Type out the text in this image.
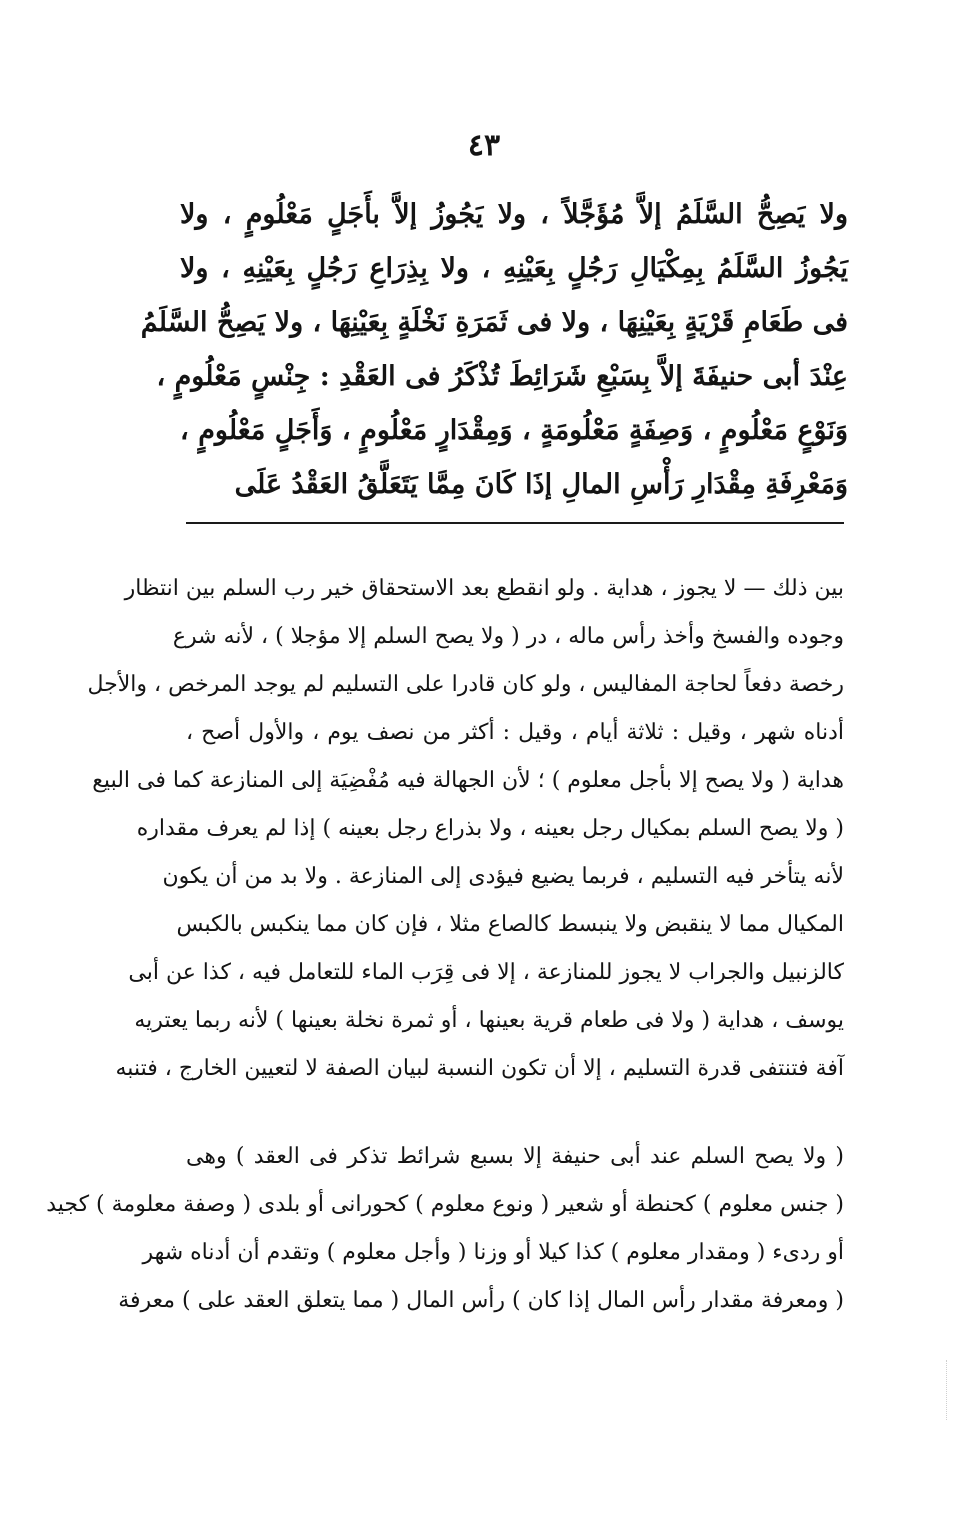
٤٣
ولا يَصِحُّ السَّلَمُ إلاَّ مُؤَجَّلاً ، ولا يَجُوزُ إلاَّ بأَجَلٍ مَعْلُومٍ ، ولا
يَجُوزُ السَّلَمُ بِمِكْيَالِ رَجُلٍ بِعَيْنِهِ ، ولا بِذِرَاعِ رَجُلٍ بِعَيْنِهِ ، ولا
فى طَعَامِ قَرْيَةٍ بِعَيْنِهَا ، ولا فى ثَمَرَةِ نَخْلَةٍ بِعَيْنِهَا ، ولا يَصِحُّ السَّلَمُ
عِنْدَ أبى حنيفَةَ إلاَّ بِسَبْعِ شَرَائِطَ تُذْكَرُ فى العَقْدِ : جِنْسٍ مَعْلُومٍ ،
وَنَوْعٍ مَعْلُومٍ ، وَصِفَةٍ مَعْلُومَةٍ ، وَمِقْدَارٍ مَعْلُومٍ ، وَأَجَلٍ مَعْلُومٍ ،
وَمَعْرِفَةِ مِقْدَارِ رَأْسِ المالِ إذَا كَانَ مِمَّا يَتَعَلَّقُ العَقْدُ عَلَى
بين ذلك — لا يجوز ، هداية . ولو انقطع بعد الاستحقاق خير رب السلم بين انتظار
وجوده والفسخ وأخذ رأس ماله ، در ( ولا يصح السلم إلا مؤجلا ) ، لأنه شرع
رخصة دفعاً لحاجة المفاليس ، ولو كان قادرا على التسليم لم يوجد المرخص ، والأجل
أدناه شهر ، وقيل : ثلاثة أيام ، وقيل : أكثر من نصف يوم ، والأول أصح ،
هداية ( ولا يصح إلا بأجل معلوم ) ؛ لأن الجهالة فيه مُفْضِيَة إلى المنازعة كما فى البيع
( ولا يصح السلم بمكيال رجل بعينه ، ولا بذراع رجل بعينه ) إذا لم يعرف مقداره
لأنه يتأخر فيه التسليم ، فربما يضيع فيؤدى إلى المنازعة . ولا بد من أن يكون
المكيال مما لا ينقبض ولا ينبسط كالصاع مثلا ، فإن كان مما ينكبس بالكبس
كالزنبيل والجراب لا يجوز للمنازعة ، إلا فى قِرَب الماء للتعامل فيه ، كذا عن أبى
يوسف ، هداية ( ولا فى طعام قرية بعينها ، أو ثمرة نخلة بعينها ) لأنه ربما يعتريه
آفة فتنتفى قدرة التسليم ، إلا أن تكون النسبة لبيان الصفة لا لتعيين الخارج ، فتنبه
( ولا يصح السلم عند أبى حنيفة إلا بسبع شرائط تذكر فى العقد ) وهى
( جنس معلوم ) كحنطة أو شعير ( ونوع معلوم ) كحورانى أو بلدى ( وصفة معلومة ) كجيد
أو ردىء ( ومقدار معلوم ) كذا كيلا أو وزنا ( وأجل معلوم ) وتقدم أن أدناه شهر
( ومعرفة مقدار رأس المال إذا كان ) رأس المال ( مما يتعلق العقد على ) معرفة
